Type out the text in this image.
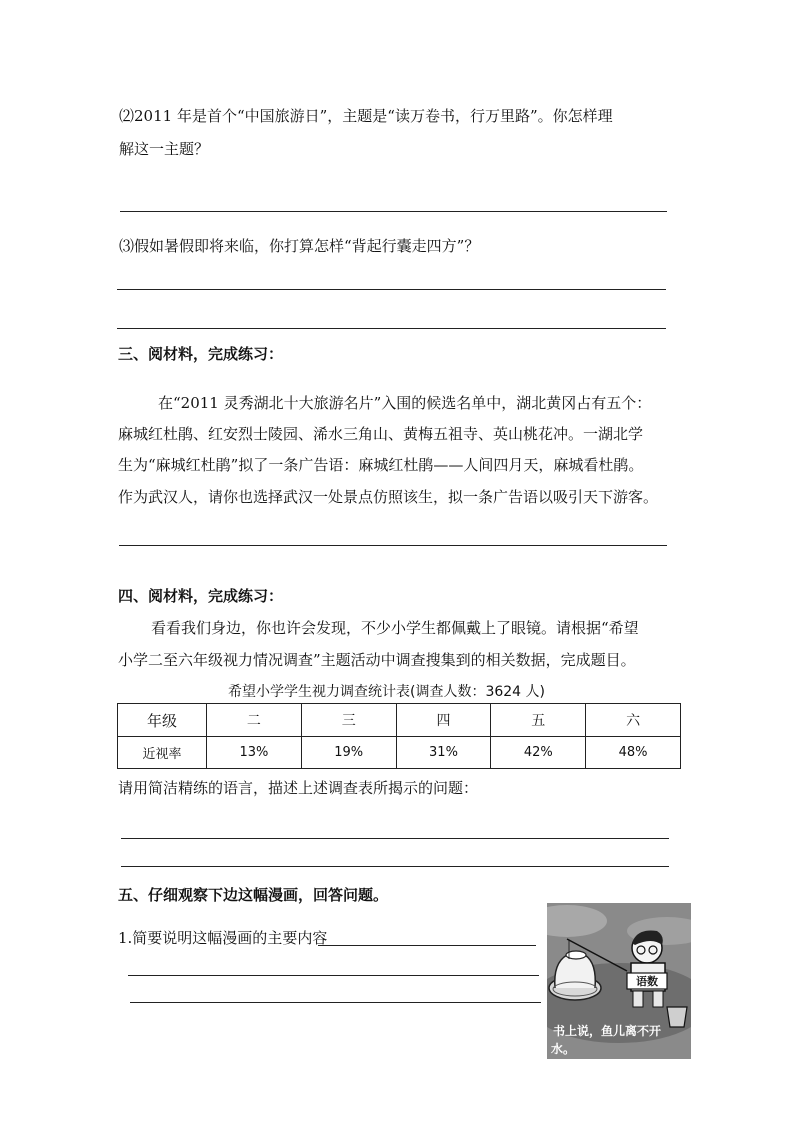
⑵2011 年是首个“中国旅游日”，主题是“读万卷书，行万里路”。你怎样理
解这一主题？
⑶假如暑假即将来临，你打算怎样“背起行囊走四方”？
三、阅材料，完成练习：
在“2011 灵秀湖北十大旅游名片”入围的候选名单中，湖北黄冈占有五个：
麻城红杜鹃、红安烈士陵园、浠水三角山、黄梅五祖寺、英山桃花冲。一湖北学
生为“麻城红杜鹃”拟了一条广告语：麻城红杜鹃——人间四月天，麻城看杜鹃。
作为武汉人，请你也选择武汉一处景点仿照该生，拟一条广告语以吸引天下游客。
四、阅材料，完成练习：
看看我们身边，你也许会发现，不少小学生都佩戴上了眼镜。请根据“希望
小学二至六年级视力情况调查”主题活动中调查搜集到的相关数据，完成题目。
希望小学学生视力调查统计表(调查人数：3624 人)
年级	二	三	四	五	六
近视率	13%	19%	31%	42%	48%
请用简洁精练的语言，描述上述调查表所揭示的问题：
五、仔细观察下边这幅漫画，回答问题。
1.简要说明这幅漫画的主要内容
语数
书上说，鱼儿离不开
水。
